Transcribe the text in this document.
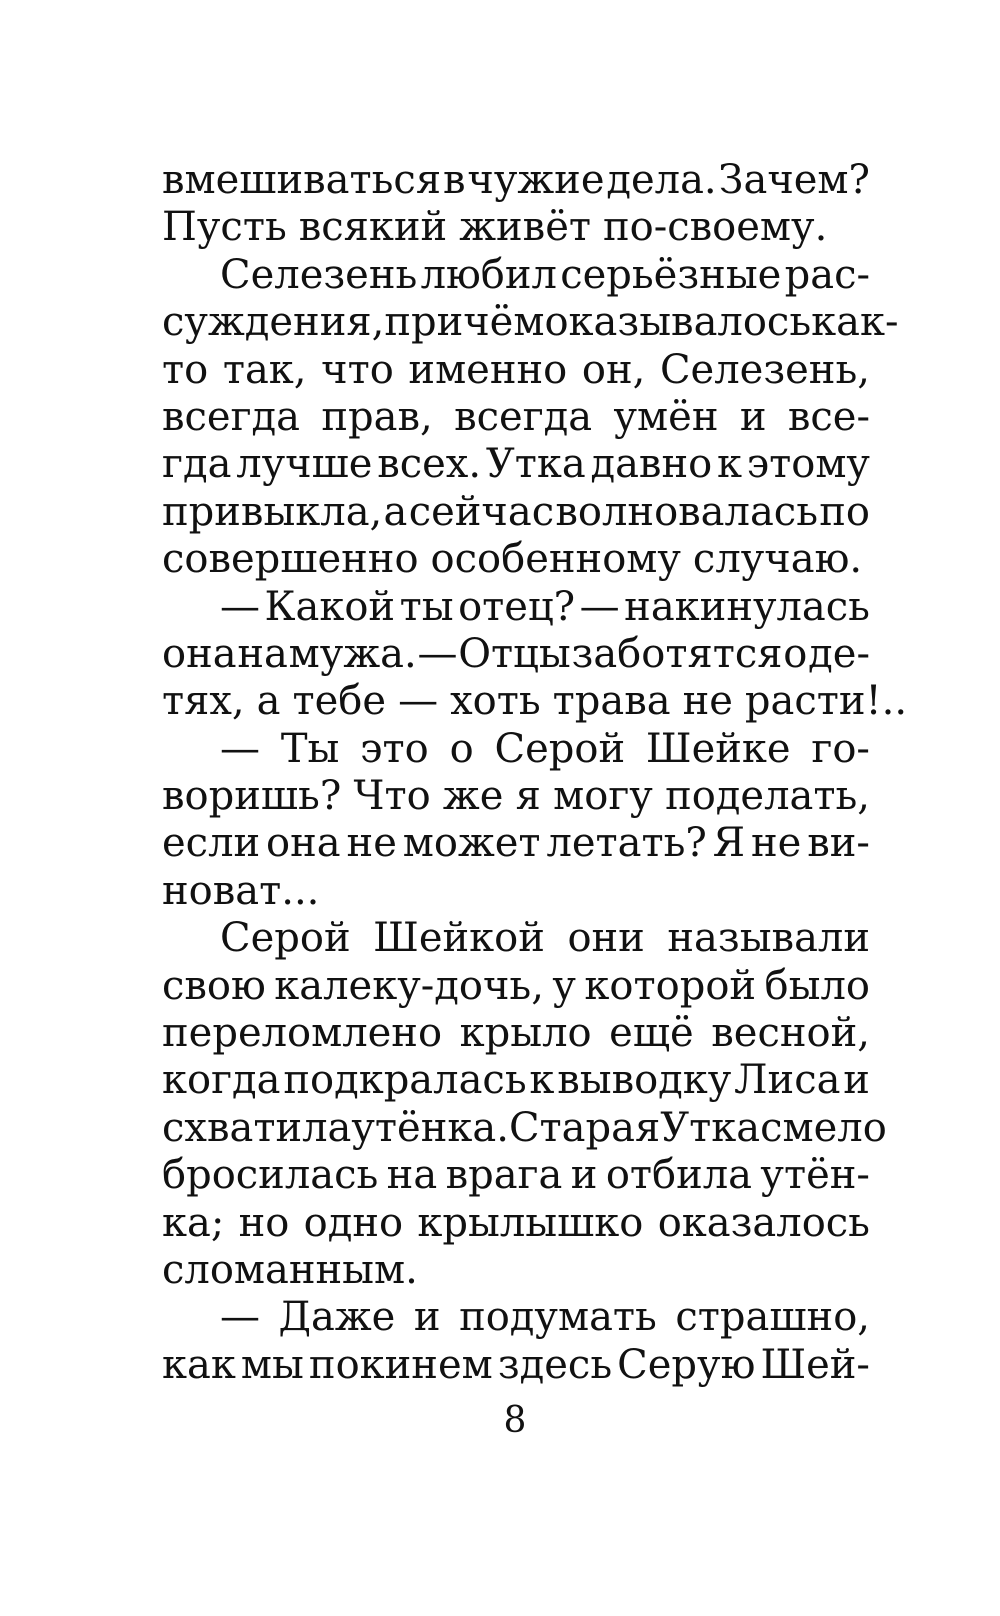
вмешиваться в чужие дела. Зачем?
Пусть всякий живёт по-своему.
Селезень любил серьёзные рас-
суждения, причём оказывалось как-
то так, что именно он, Селезень,
всегда прав, всегда умён и все-
гда лучше всех. Утка давно к этому
привыкла, а сейчас волновалась по
совершенно особенному случаю.
— Какой ты отец? — накинулась
она на мужа. — Отцы заботятся о де-
тях, а тебе — хоть трава не расти!..
— Ты это о Серой Шейке го-
воришь? Что же я могу поделать,
если она не может летать? Я не ви-
новат...
Серой Шейкой они называли
свою калеку-дочь, у которой было
переломлено крыло ещё весной,
когда подкралась к выводку Лиса и
схватила утёнка. Старая Утка смело
бросилась на врага и отбила утён-
ка; но одно крылышко оказалось
сломанным.
— Даже и подумать страшно,
как мы покинем здесь Серую Шей-
8
